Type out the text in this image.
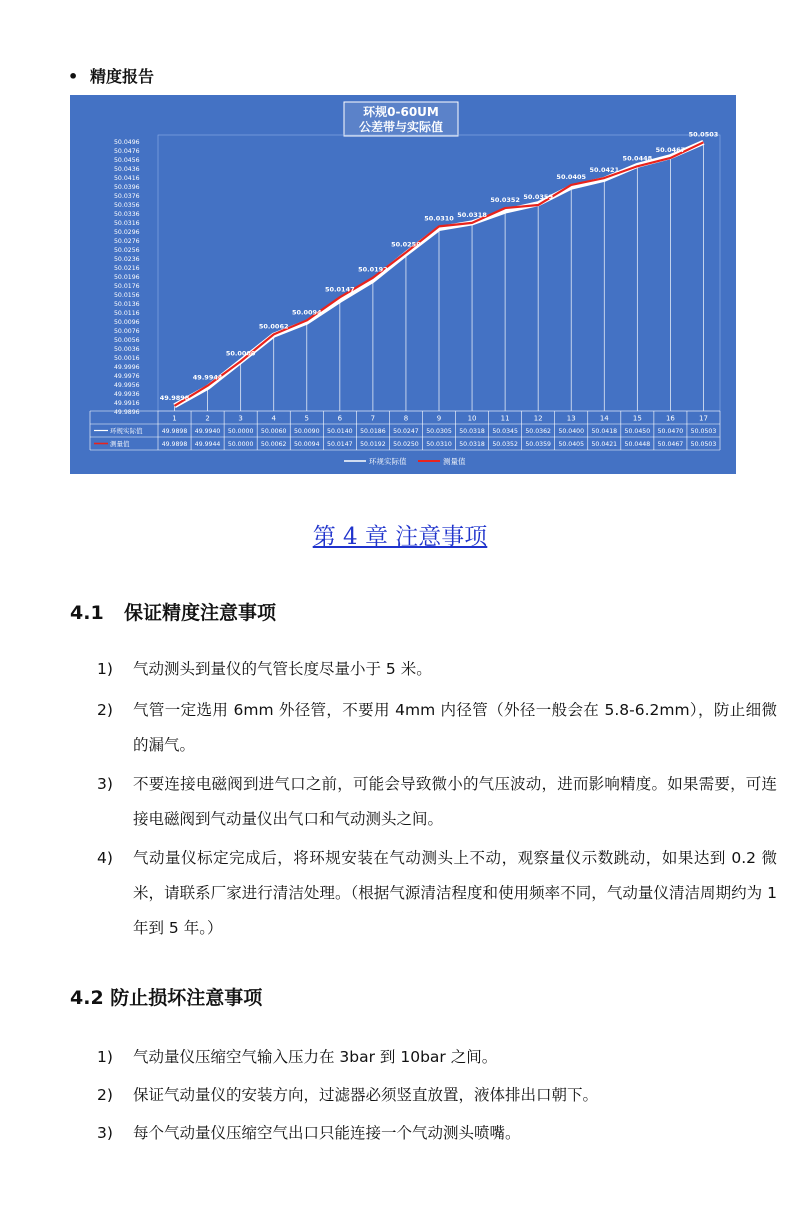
• 精度报告
环规0-60UM
公差带与实际值
50.0496
50.0476
50.0456
50.0436
50.0416
50.0396
50.0376
50.0356
50.0336
50.0316
50.0296
50.0276
50.0256
50.0236
50.0216
50.0196
50.0176
50.0156
50.0136
50.0116
50.0096
50.0076
50.0056
50.0036
50.0016
49.9996
49.9976
49.9956
49.9936
49.9916
49.9896
49.9898
49.9944
50.0000
50.0062
50.0094
50.0147
50.0192
50.0250
50.0310 50.0318
50.0352 50.0359
50.0405
50.0421
50.0448
50.0467
50.0503
1	2	3	4	5	6	7	8	9	10	11	12	13	14	15	16	17
环规实际值	49.9898 49.9940 50.0000 50.0060 50.0090 50.0140 50.0186 50.0247 50.0305 50.0318 50.0345 50.0362 50.0400 50.0418 50.0450 50.0470 50.0503
测量值	49.9898 49.9944 50.0000 50.0062 50.0094 50.0147 50.0192 50.0250 50.0310 50.0318 50.0352 50.0359 50.0405 50.0421 50.0448 50.0467 50.0503
环规实际值	测量值
第 4 章 注意事项
4.1 保证精度注意事项
1)	气动测头到量仪的气管长度尽量小于 5 米。
2)	气管一定选用 6mm 外径管，不要用 4mm 内径管（外径一般会在 5.8-6.2mm），防止细微的漏气。
3)	不要连接电磁阀到进气口之前，可能会导致微小的气压波动，进而影响精度。如果需要，可连接电磁阀到气动量仪出气口和气动测头之间。
4)	气动量仪标定完成后，将环规安装在气动测头上不动，观察量仪示数跳动，如果达到 0.2 微米，请联系厂家进行清洁处理。（根据气源清洁程度和使用频率不同，气动量仪清洁周期约为 1 年到 5 年。）
4.2 防止损坏注意事项
1)	气动量仪压缩空气输入压力在 3bar 到 10bar 之间。
2)	保证气动量仪的安装方向，过滤器必须竖直放置，液体排出口朝下。
3)	每个气动量仪压缩空气出口只能连接一个气动测头喷嘴。
